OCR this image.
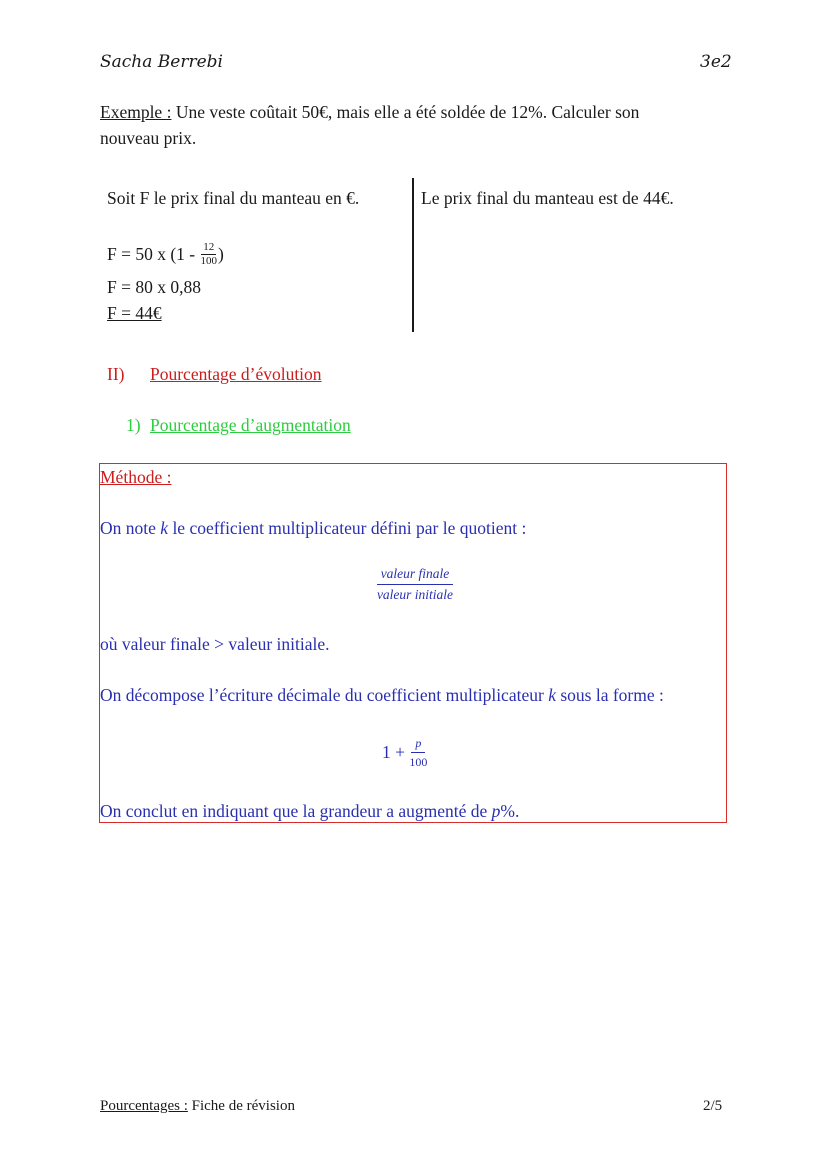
Sacha Berrebi	3e2
Exemple : Une veste coûtait 50€, mais elle a été soldée de 12%. Calculer son
nouveau prix.
Soit F le prix final du manteau en €.	Le prix final du manteau est de 44€.
F = 50 x ($1 - \frac{12}{100}$ )
F = 80 x 0,88
F = 44€
II) Pourcentage d’évolution
1) Pourcentage d’augmentation
Méthode :
On note k le coefficient multiplicateur défini par le quotient :
$\frac{\text{valeur finale}}{\text{valeur initiale}}$
où valeur finale > valeur initiale.
On décompose l’écriture décimale du coefficient multiplicateur k sous la forme :
$1 + \frac{p}{100}$
On conclut en indiquant que la grandeur a augmenté de p%.
Pourcentages : Fiche de révision	2/5
